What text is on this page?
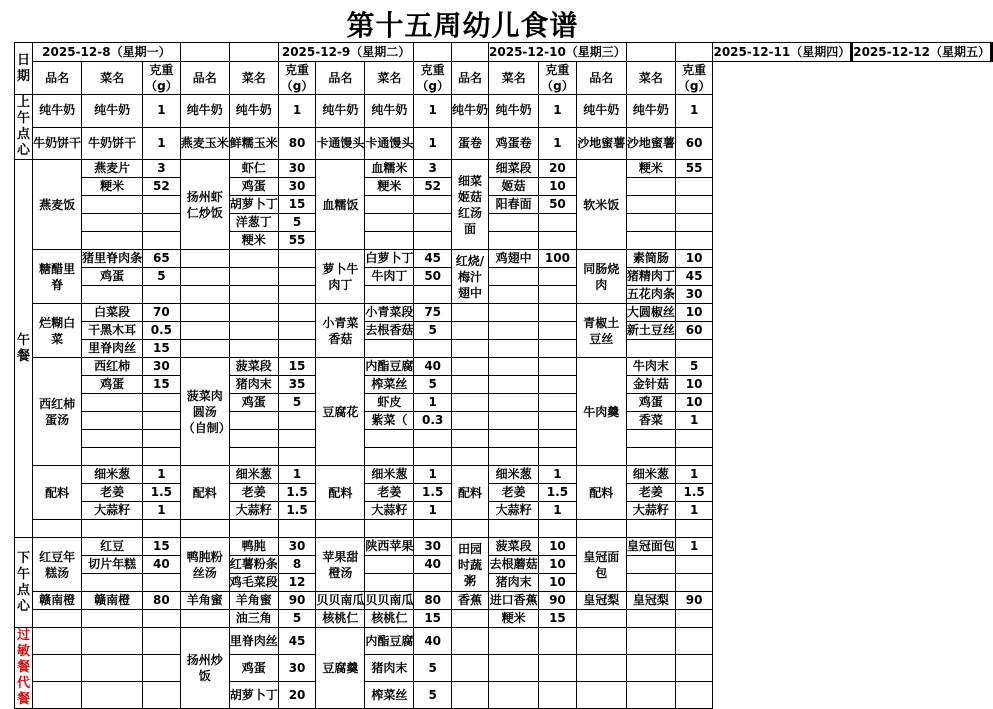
第十五周幼儿食谱
日期	2025-12-8（星期一）					2025-12-9（星期二）					2025-12-10（星期三）					2025-12-11（星期四）			2025-12-12（星期五）		
	品名	菜名	克重（g）	品名	菜名	克重（g）	品名	菜名	克重（g）	品名	菜名	克重（g）	品名	菜名	克重（g）				
上午点心	纯牛奶	纯牛奶	1	纯牛奶	纯牛奶	1	纯牛奶	纯牛奶	1	纯牛奶	纯牛奶	1	纯牛奶	纯牛奶	1				
	牛奶饼干	牛奶饼干	1	燕麦玉米	鲜糯玉米	80	卡通馒头	卡通馒头	1	蛋卷	鸡蛋卷	1	沙地蜜薯	沙地蜜薯	60				
午餐	燕麦饭	燕麦片	3	扬州虾仁炒饭	虾仁	30	血糯饭	血糯米	3	细菜姬菇红汤面	细菜段	20	软米饭	粳米	55				
		粳米	52		鸡蛋	30		粳米	52		姬菇	10							
					胡萝卜丁	15					阳春面	50							
					洋葱丁	5													
					粳米	55													
	糖醋里脊	猪里脊肉条	65				萝卜牛肉丁	白萝卜丁	45	红烧/梅汁翅中	鸡翅中	100	同肠烧肉	素筒肠	10				
		鸡蛋	5					牛肉丁	50					猪精肉丁	45				
														五花肉条	30				
	烂糊白菜	白菜段	70				小青菜香菇	小青菜段	75				青椒土豆丝	大圆椒丝	10				
		干黑木耳	0.5					去根香菇	5					新土豆丝	60				
		里脊肉丝	15																
	西红柿蛋汤	西红柿	30	菠菜肉圆汤（自制）	菠菜段	15	豆腐花	内酯豆腐	40				牛肉羹	牛肉末	5				
		鸡蛋	15		猪肉末	35		榨菜丝	5					金针菇	10				
					鸡蛋	5		虾皮	1					鸡蛋	10				
								紫菜（	0.3					香菜	1				

	配料	细米葱	1	配料	细米葱	1	配料	细米葱	1	配料	细米葱	1	配料	细米葱	1				
		老姜	1.5		老姜	1.5		老姜	1.5		老姜	1.5		老姜	1.5				
		大蒜籽	1		大蒜籽	1.5		大蒜籽	1		大蒜籽	1		大蒜籽	1				

下午点心	红豆年糕汤	红豆	15	鸭肫粉丝汤	鸭肫	30	苹果甜橙汤	陕西苹果	30	田园时蔬粥	菠菜段	10	皇冠面包	皇冠面包	1				
		切片年糕	40		红薯粉条	8			40		去根蘑菇	10							
					鸡毛菜段	12					猪肉末	10							
	赣南橙	赣南橙	80	羊角蜜	羊角蜜	90	贝贝南瓜	贝贝南瓜	80	香蕉	进口香蕉	90	皇冠梨	皇冠梨	90				
					油三角	5	核桃仁	核桃仁	15		粳米	15							
过敏餐代餐				扬州炒饭	里脊肉丝	45	豆腐羹	内酯豆腐	40										
					鸡蛋	30		猪肉末	5										
					胡萝卜丁	20		榨菜丝	5										
